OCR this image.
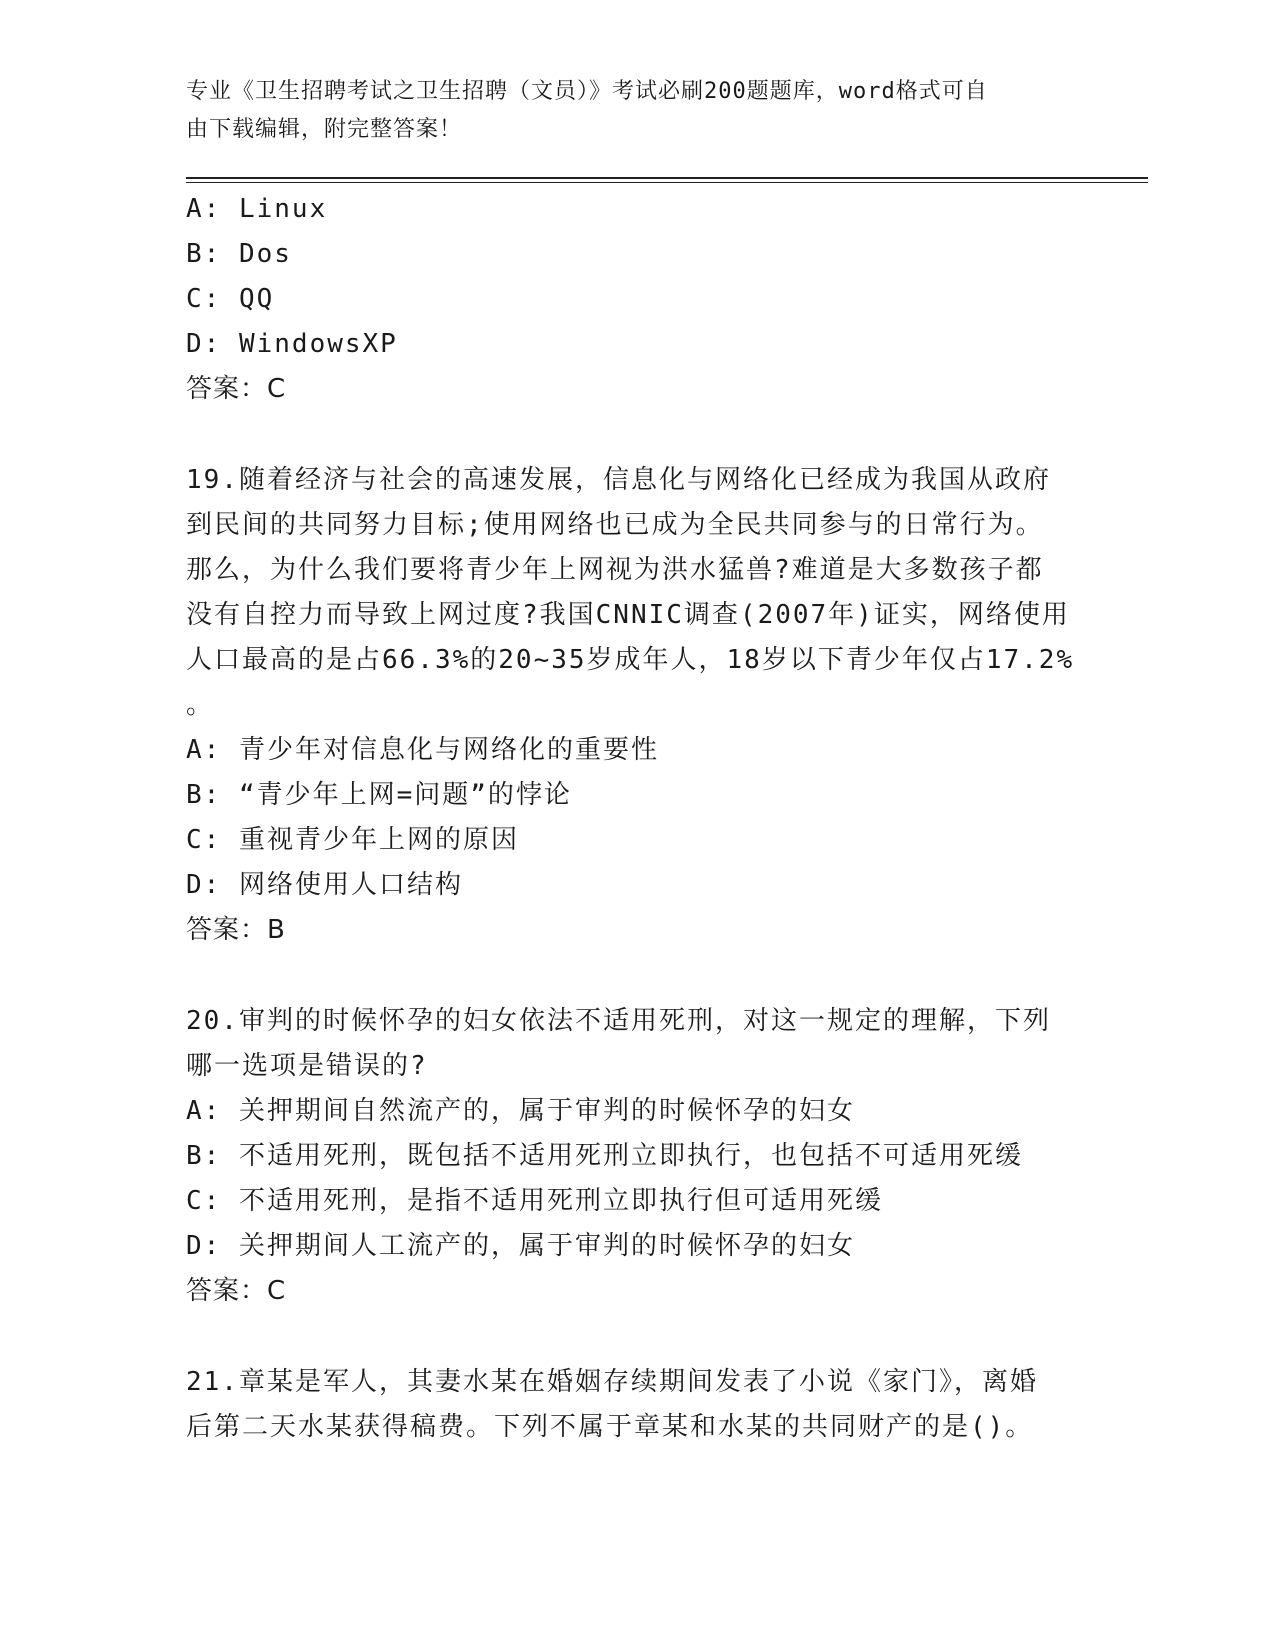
专业《卫生招聘考试之卫生招聘（文员）》考试必刷200题题库，word格式可自
由下载编辑，附完整答案！
A: Linux
B: Dos
C: QQ
D: WindowsXP
答案：C
19.随着经济与社会的高速发展，信息化与网络化已经成为我国从政府
到民间的共同努力目标;使用网络也已成为全民共同参与的日常行为。
那么，为什么我们要将青少年上网视为洪水猛兽?难道是大多数孩子都
没有自控力而导致上网过度?我国CNNIC调查(2007年)证实，网络使用
人口最高的是占66.3%的20~35岁成年人，18岁以下青少年仅占17.2%
。
A: 青少年对信息化与网络化的重要性
B: “青少年上网=问题”的悖论
C: 重视青少年上网的原因
D: 网络使用人口结构
答案：B
20.审判的时候怀孕的妇女依法不适用死刑，对这一规定的理解，下列
哪一选项是错误的?
A: 关押期间自然流产的，属于审判的时候怀孕的妇女
B: 不适用死刑，既包括不适用死刑立即执行，也包括不可适用死缓
C: 不适用死刑，是指不适用死刑立即执行但可适用死缓
D: 关押期间人工流产的，属于审判的时候怀孕的妇女
答案：C
21.章某是军人，其妻水某在婚姻存续期间发表了小说《家门》，离婚
后第二天水某获得稿费。下列不属于章某和水某的共同财产的是()。
